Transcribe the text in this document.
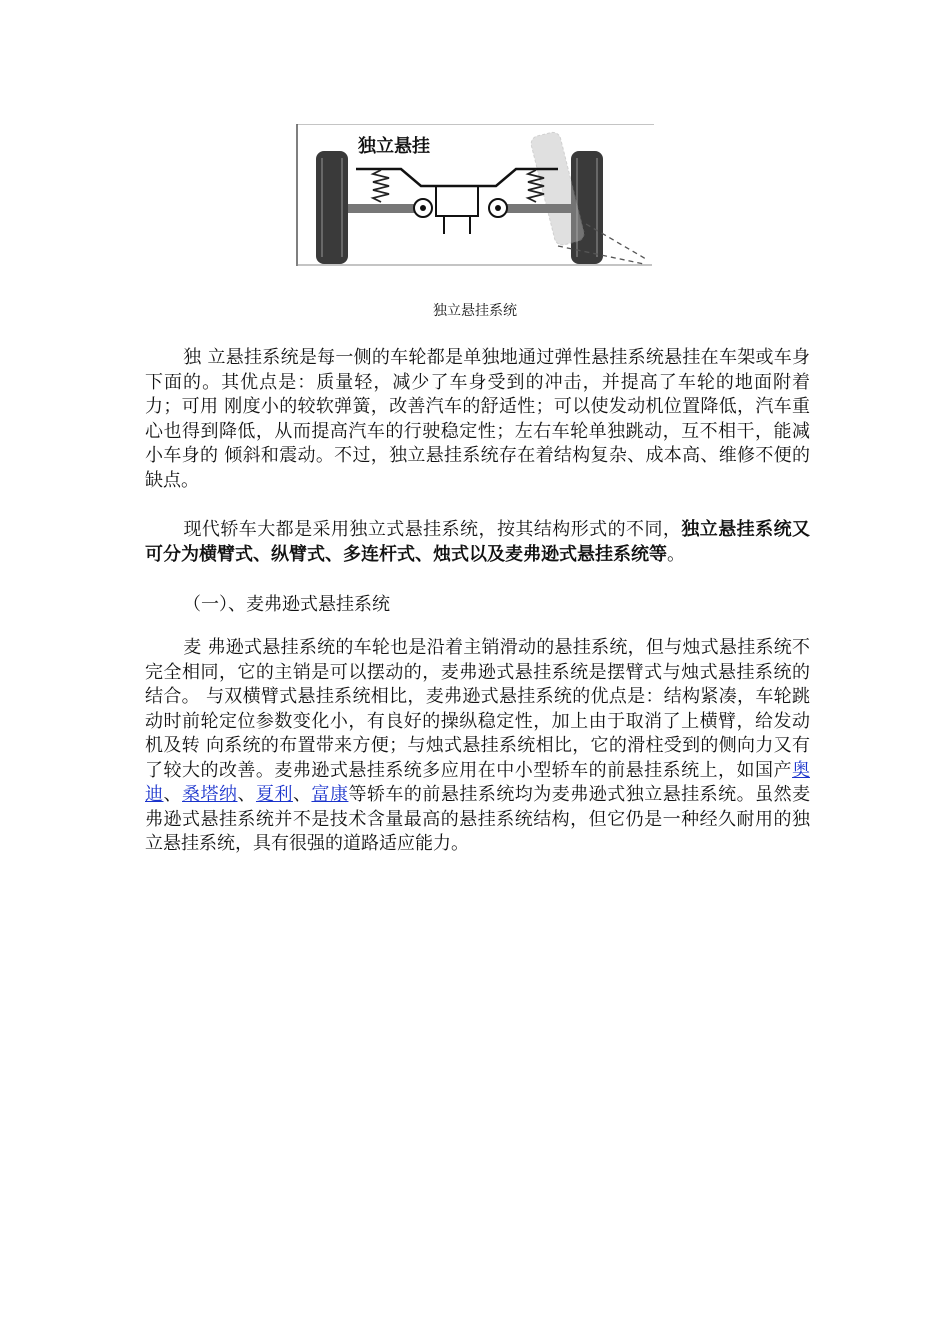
独立悬挂
独立悬挂系统
独 立悬挂系统是每一侧的车轮都是单独地通过弹性悬挂系统悬挂在车架或车身下面的。其优点是：质量轻，减少了车身受到的冲击，并提高了车轮的地面附着力；可用 刚度小的较软弹簧，改善汽车的舒适性；可以使发动机位置降低，汽车重心也得到降低，从而提高汽车的行驶稳定性；左右车轮单独跳动，互不相干，能减小车身的 倾斜和震动。不过，独立悬挂系统存在着结构复杂、成本高、维修不便的缺点。
现代轿车大都是采用独立式悬挂系统，按其结构形式的不同，独立悬挂系统又可分为横臂式、纵臂式、多连杆式、烛式以及麦弗逊式悬挂系统等。
（一）、麦弗逊式悬挂系统
麦 弗逊式悬挂系统的车轮也是沿着主销滑动的悬挂系统，但与烛式悬挂系统不完全相同，它的主销是可以摆动的，麦弗逊式悬挂系统是摆臂式与烛式悬挂系统的结合。 与双横臂式悬挂系统相比，麦弗逊式悬挂系统的优点是：结构紧凑，车轮跳动时前轮定位参数变化小，有良好的操纵稳定性，加上由于取消了上横臂，给发动机及转 向系统的布置带来方便；与烛式悬挂系统相比，它的滑柱受到的侧向力又有了较大的改善。麦弗逊式悬挂系统多应用在中小型轿车的前悬挂系统上，如国产奥迪、桑塔纳、夏利、富康等轿车的前悬挂系统均为麦弗逊式独立悬挂系统。虽然麦弗逊式悬挂系统并不是技术含量最高的悬挂系统结构，但它仍是一种经久耐用的独立悬挂系统，具有很强的道路适应能力。
